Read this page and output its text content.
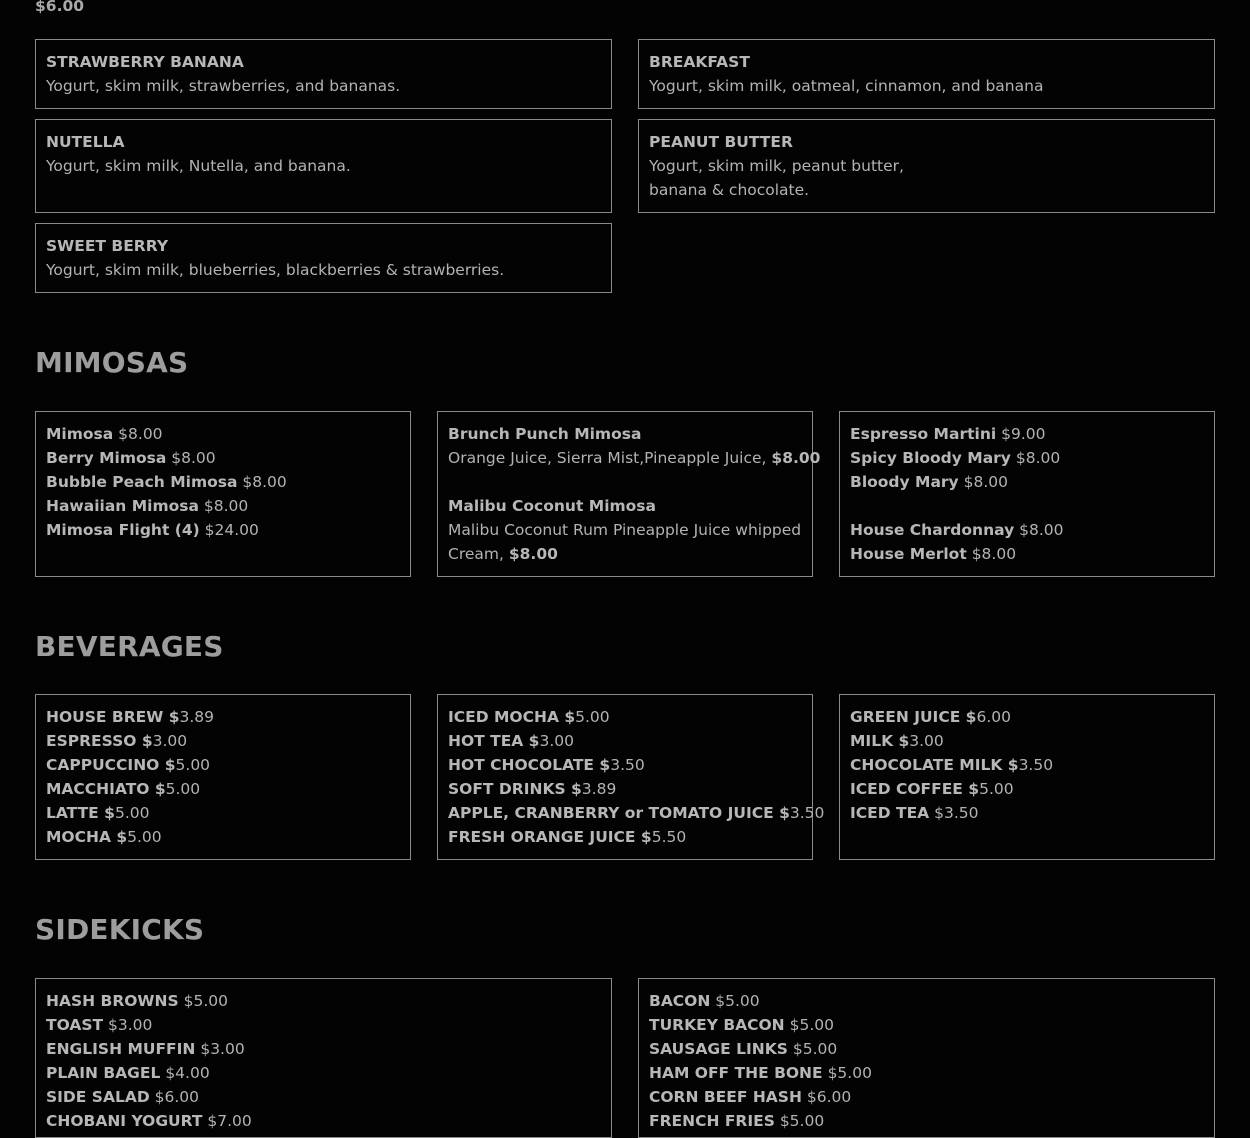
$6.00
STRAWBERRY BANANA
Yogurt, skim milk, strawberries, and bananas.
BREAKFAST
Yogurt, skim milk, oatmeal, cinnamon, and banana
NUTELLA
Yogurt, skim milk, Nutella, and banana.
PEANUT BUTTER
Yogurt, skim milk, peanut butter,
banana & chocolate.
SWEET BERRY
Yogurt, skim milk, blueberries, blackberries & strawberries.
MIMOSAS
Mimosa $8.00
Berry Mimosa $8.00
Bubble Peach Mimosa $8.00
Hawaiian Mimosa $8.00
Mimosa Flight (4) $24.00
Brunch Punch Mimosa
Orange Juice, Sierra Mist,Pineapple Juice, $8.00
Malibu Coconut Mimosa
Malibu Coconut Rum Pineapple Juice whipped
Cream, $8.00
Espresso Martini $9.00
Spicy Bloody Mary $8.00
Bloody Mary $8.00
House Chardonnay $8.00
House Merlot $8.00
BEVERAGES
HOUSE BREW $3.89
ESPRESSO $3.00
CAPPUCCINO $5.00
MACCHIATO $5.00
LATTE $5.00
MOCHA $5.00
ICED MOCHA $5.00
HOT TEA $3.00
HOT CHOCOLATE $3.50
SOFT DRINKS $3.89
APPLE, CRANBERRY or TOMATO JUICE $3.50
FRESH ORANGE JUICE $5.50
GREEN JUICE $6.00
MILK $3.00
CHOCOLATE MILK $3.50
ICED COFFEE $5.00
ICED TEA $3.50
SIDEKICKS
HASH BROWNS $5.00
TOAST $3.00
ENGLISH MUFFIN $3.00
PLAIN BAGEL $4.00
SIDE SALAD $6.00
CHOBANI YOGURT $7.00
BACON $5.00
TURKEY BACON $5.00
SAUSAGE LINKS $5.00
HAM OFF THE BONE $5.00
CORN BEEF HASH $6.00
FRENCH FRIES $5.00
